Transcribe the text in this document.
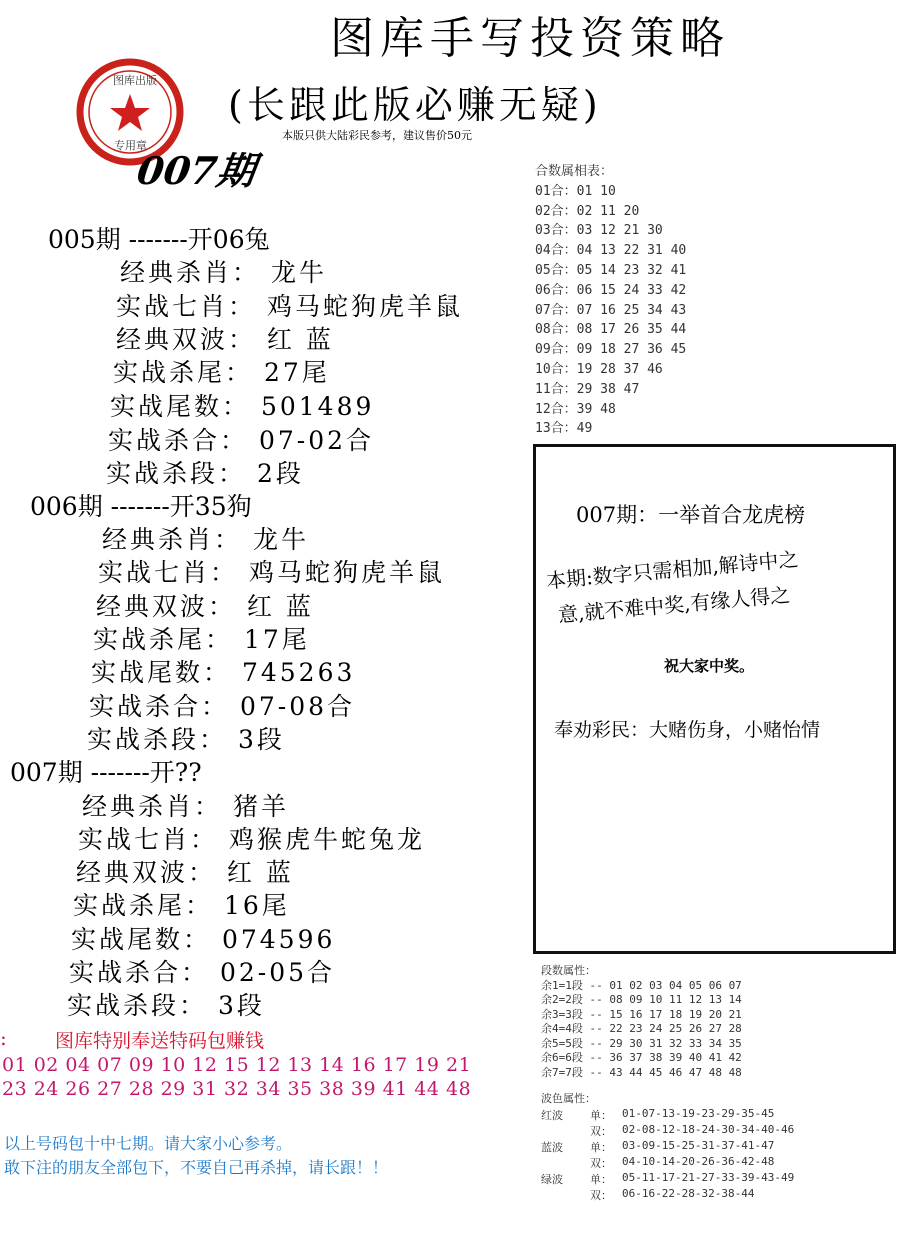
图库手写投资策略
(长跟此版必赚无疑)
本版只供大陆彩民参考，建议售价50元
图库出版
专用章
007期
005期 -------开06兔
经典杀肖： 龙牛
实战七肖： 鸡马蛇狗虎羊鼠
经典双波： 红 蓝
实战杀尾： 27尾
实战尾数： 501489
实战杀合： 07-02合
实战杀段： 2段
006期 -------开35狗
经典杀肖： 龙牛
实战七肖： 鸡马蛇狗虎羊鼠
经典双波： 红 蓝
实战杀尾： 17尾
实战尾数： 745263
实战杀合： 07-08合
实战杀段： 3段
007期 -------开??
经典杀肖： 猪羊
实战七肖： 鸡猴虎牛蛇兔龙
经典双波： 红 蓝
实战杀尾： 16尾
实战尾数： 074596
实战杀合： 02-05合
实战杀段： 3段
合数属相表：
01合：01 10
02合：02 11 20
03合：03 12 21 30
04合：04 13 22 31 40
05合：05 14 23 32 41
06合：06 15 24 33 42
07合：07 16 25 34 43
08合：08 17 26 35 44
09合：09 18 27 36 45
10合：19 28 37 46
11合：29 38 47
12合：39 48
13合：49
007期：一举首合龙虎榜
本期:数字只需相加,解诗中之
意,就不难中奖,有缘人得之
祝大家中奖。
奉劝彩民：大赌伤身，小赌怡情
:	图库特别奉送特码包赚钱
01 02 04 07 09 10 12 15 12 13 14 16 17 19 21
23 24 26 27 28 29 31 32 34 35 38 39 41 44 48
以上号码包十中七期。请大家小心参考。
敢下注的朋友全部包下，不要自己再杀掉，请长跟！！
段数属性：
余1=1段 -- 01 02 03 04 05 06 07
余2=2段 -- 08 09 10 11 12 13 14
余3=3段 -- 15 16 17 18 19 20 21
余4=4段 -- 22 23 24 25 26 27 28
余5=5段 -- 29 30 31 32 33 34 35
余6=6段 -- 36 37 38 39 40 41 42
余7=7段 -- 43 44 45 46 47 48 48
波色属性：
红波 单： 01-07-13-19-23-29-35-45
双： 02-08-12-18-24-30-34-40-46
蓝波 单： 03-09-15-25-31-37-41-47
双： 04-10-14-20-26-36-42-48
绿波 单： 05-11-17-21-27-33-39-43-49
双： 06-16-22-28-32-38-44
